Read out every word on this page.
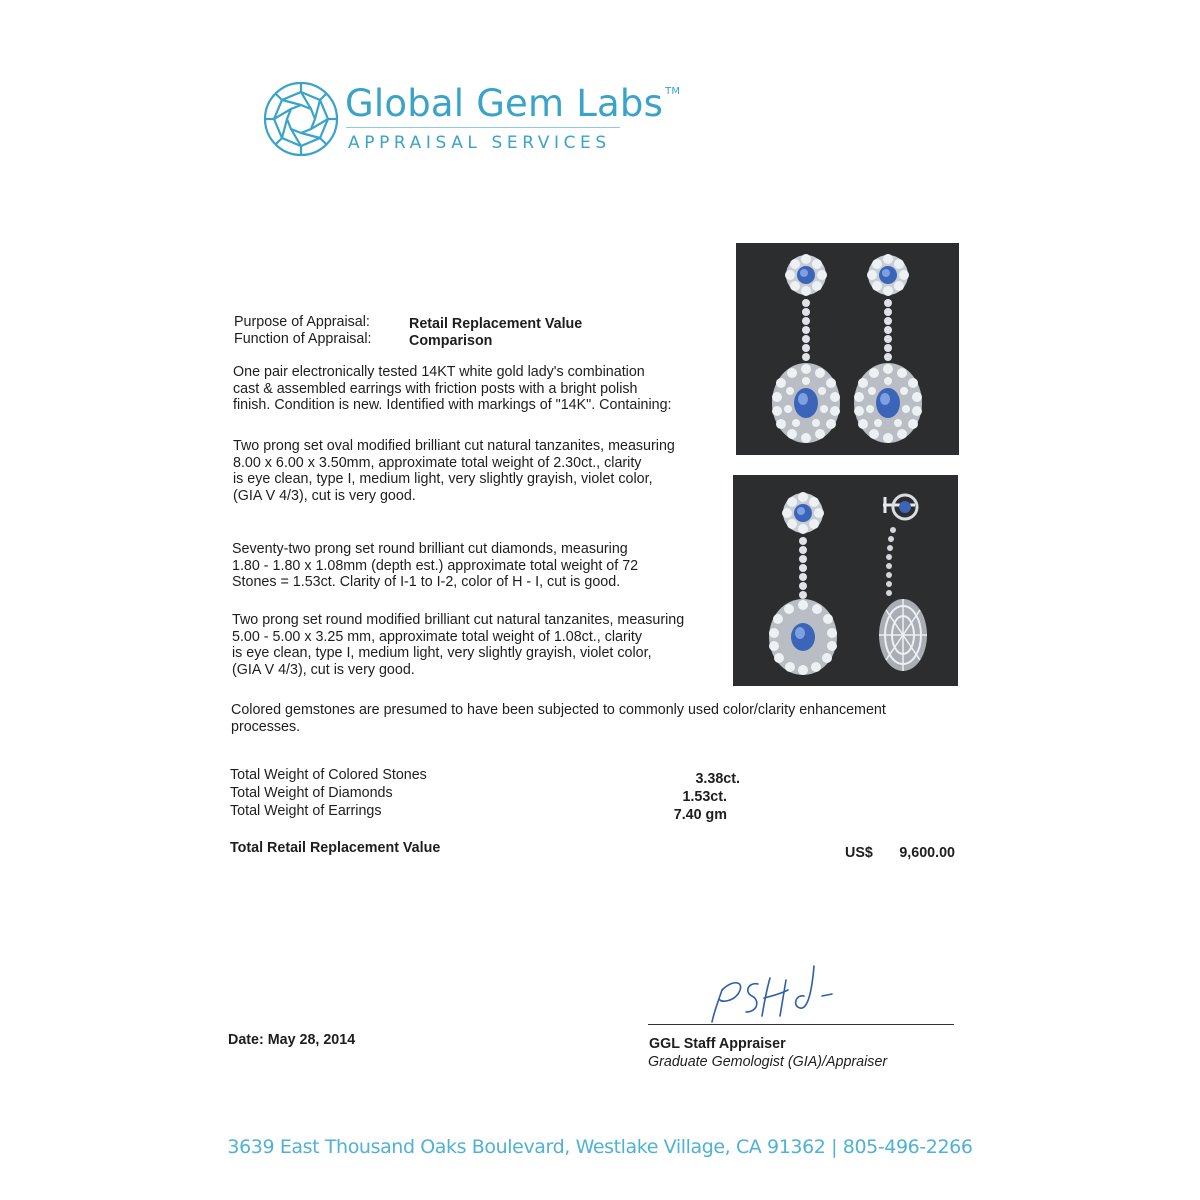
Global Gem Labs ™
APPRAISAL SERVICES
Purpose of Appraisal:	Retail Replacement Value
Function of Appraisal:	Comparison
One pair electronically tested 14KT white gold lady's combination
cast & assembled earrings with friction posts with a bright polish
finish. Condition is new. Identified with markings of "14K". Containing:
Two prong set oval modified brilliant cut natural tanzanites, measuring
8.00 x 6.00 x 3.50mm, approximate total weight of 2.30ct., clarity
is eye clean, type I, medium light, very slightly grayish, violet color,
(GIA V 4/3), cut is very good.
Seventy-two prong set round brilliant cut diamonds, measuring
1.80 - 1.80 x 1.08mm (depth est.) approximate total weight of 72
Stones = 1.53ct. Clarity of I-1 to I-2, color of H - I, cut is good.
Two prong set round modified brilliant cut natural tanzanites, measuring
5.00 - 5.00 x 3.25 mm, approximate total weight of 1.08ct., clarity
is eye clean, type I, medium light, very slightly grayish, violet color,
(GIA V 4/3), cut is very good.
Colored gemstones are presumed to have been subjected to commonly used color/clarity enhancement
processes.
Total Weight of Colored Stones	3.38ct.
Total Weight of Diamonds	1.53ct.
Total Weight of Earrings	7.40 gm
Total Retail Replacement Value	US$	9,600.00
Date: May 28, 2014	GGL Staff Appraiser
Graduate Gemologist (GIA)/Appraiser
3639 East Thousand Oaks Boulevard, Westlake Village, CA 91362 | 805-496-2266
